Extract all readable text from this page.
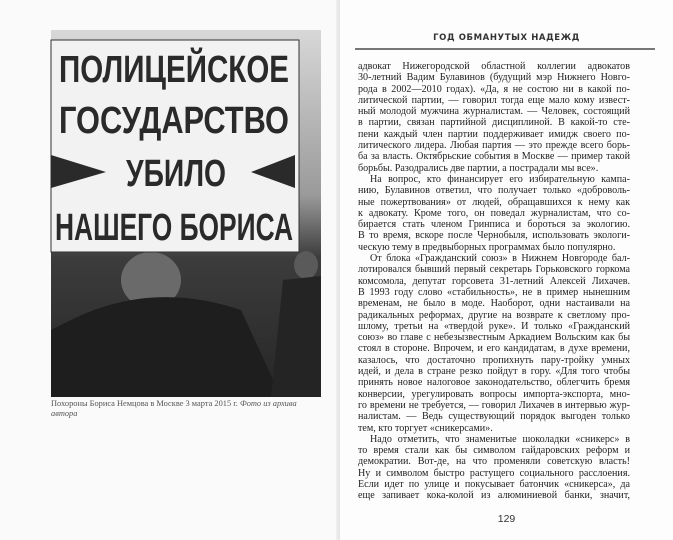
ПОЛИЦЕЙСКОЕ
ГОСУДАРСТВО
УБИЛО
НАШЕГО БОРИСА
Похороны Бориса Немцова в Москве 3 марта 2015 г. Фото из архива автора
ГОД ОБМАНУТЫХ НАДЕЖД
адвокат Нижегородской областной коллегии адвокатов
30-летний Вадим Булавинов (будущий мэр Нижнего Новго-
рода в 2002—2010 годах). «Да, я не состою ни в какой по-
литической партии, — говорил тогда еще мало кому извест-
ный молодой мужчина журналистам. — Человек, состоящий
в партии, связан партийной дисциплиной. В какой-то сте-
пени каждый член партии поддерживает имидж своего по-
литического лидера. Любая партия — это прежде всего борь-
ба за власть. Октябрьские события в Москве — пример такой
борьбы. Разодрались две партии, а пострадали мы все».
На вопрос, кто финансирует его избирательную кампа-
нию, Булавинов ответил, что получает только «доброволь-
ные пожертвования» от людей, обращавшихся к нему как
к адвокату. Кроме того, он поведал журналистам, что со-
бирается стать членом Гринписа и бороться за экологию.
В то время, вскоре после Чернобыля, использовать экологи-
ческую тему в предвыборных программах было популярно.
От блока «Гражданский союз» в Нижнем Новгороде бал-
лотировался бывший первый секретарь Горьковского горкома
комсомола, депутат горсовета 31-летний Алексей Лихачев.
В 1993 году слово «стабильность», не в пример нынешним
временам, не было в моде. Наоборот, одни настаивали на
радикальных реформах, другие на возврате к светлому про-
шлому, третьи на «твердой руке». И только «Гражданский
союз» во главе с небезызвестным Аркадием Вольским как бы
стоял в стороне. Впрочем, и его кандидатам, в духе времени,
казалось, что достаточно пропихнуть пару-тройку умных
идей, и дела в стране резко пойдут в гору. «Для того чтобы
принять новое налоговое законодательство, облегчить бремя
конверсии, урегулировать вопросы импорта-экспорта, мно-
го времени не требуется, — говорил Лихачев в интервью жур-
налистам. — Ведь существующий порядок выгоден только
тем, кто торгует «сникерсами».
Надо отметить, что знаменитые шоколадки «сникерс» в
то время стали как бы символом гайдаровских реформ и
демократии. Вот-де, на что променяли советскую власть!
Ну и символом быстро растущего социального расслоения.
Если идет по улице и покусывает батончик «сникерса», да
еще запивает кока-колой из алюминиевой банки, значит,
129
